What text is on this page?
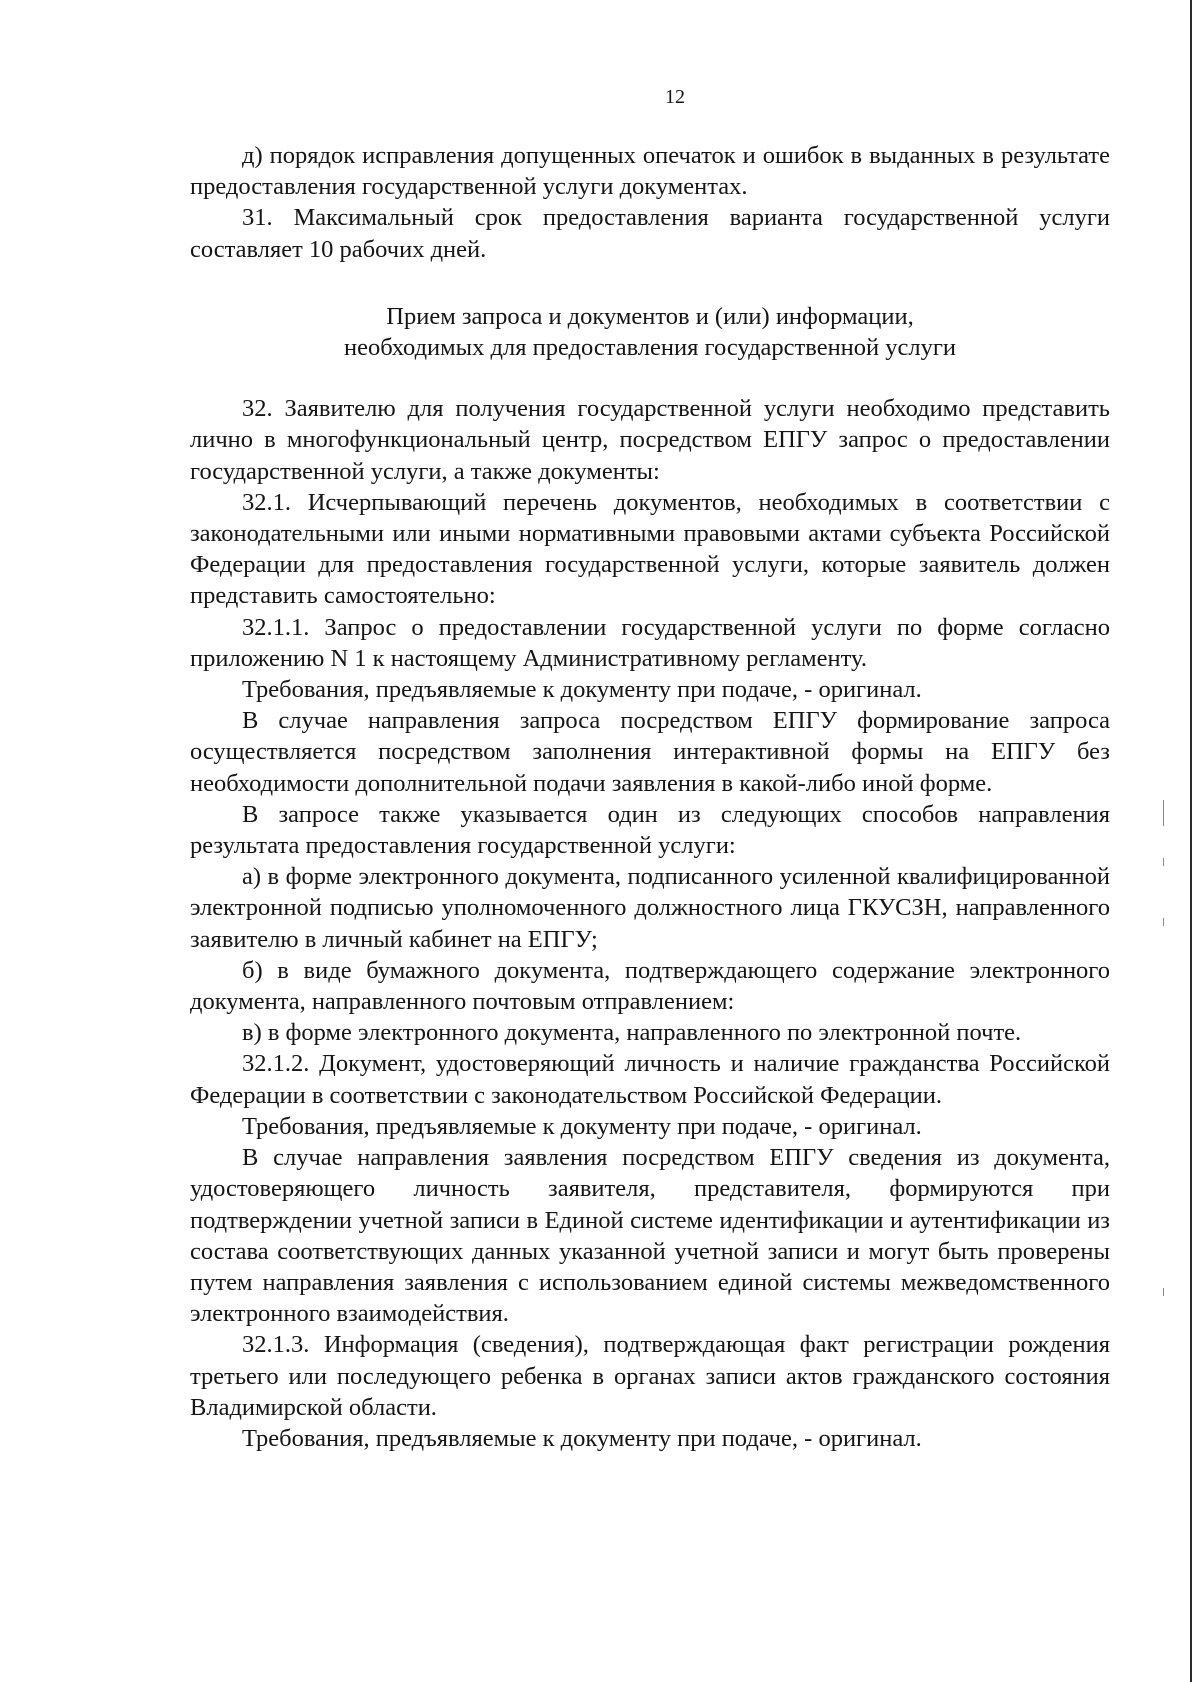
12

д) порядок исправления допущенных опечаток и ошибок в выданных в результате предоставления государственной услуги документах.

31. Максимальный срок предоставления варианта государственной услуги составляет 10 рабочих дней.

Прием запроса и документов и (или) информации,
необходимых для предоставления государственной услуги

32. Заявителю для получения государственной услуги необходимо представить лично в многофункциональный центр, посредством ЕПГУ запрос о предоставлении государственной услуги, а также документы:

32.1. Исчерпывающий перечень документов, необходимых в соответствии с законодательными или иными нормативными правовыми актами субъекта Российской Федерации для предоставления государственной услуги, которые заявитель должен представить самостоятельно:

32.1.1. Запрос о предоставлении государственной услуги по форме согласно приложению N 1 к настоящему Административному регламенту.

Требования, предъявляемые к документу при подаче, - оригинал.

В случае направления запроса посредством ЕПГУ формирование запроса осуществляется посредством заполнения интерактивной формы на ЕПГУ без необходимости дополнительной подачи заявления в какой-либо иной форме.

В запросе также указывается один из следующих способов направления результата предоставления государственной услуги:

а) в форме электронного документа, подписанного усиленной квалифицированной электронной подписью уполномоченного должностного лица ГКУСЗН, направленного заявителю в личный кабинет на ЕПГУ;

б) в виде бумажного документа, подтверждающего содержание электронного документа, направленного почтовым отправлением:

в) в форме электронного документа, направленного по электронной почте.

32.1.2. Документ, удостоверяющий личность и наличие гражданства Российской Федерации в соответствии с законодательством Российской Федерации.

Требования, предъявляемые к документу при подаче, - оригинал.

В случае направления заявления посредством ЕПГУ сведения из документа, удостоверяющего личность заявителя, представителя, формируются при подтверждении учетной записи в Единой системе идентификации и аутентификации из состава соответствующих данных указанной учетной записи и могут быть проверены путем направления заявления с использованием единой системы межведомственного электронного взаимодействия.

32.1.3. Информация (сведения), подтверждающая факт регистрации рождения третьего или последующего ребенка в органах записи актов гражданского состояния Владимирской области.

Требования, предъявляемые к документу при подаче, - оригинал.
